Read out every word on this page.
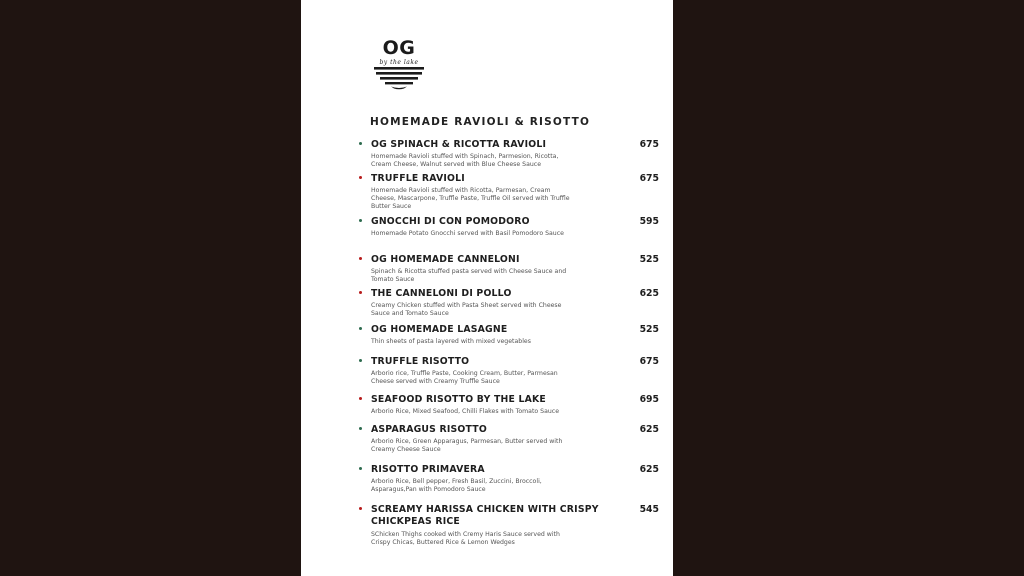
OG
by the lake
HOMEMADE RAVIOLI & RISOTTO
OG SPINACH & RICOTTA RAVIOLI	675
Homemade Ravioli stuffed with Spinach, Parmesion, Ricotta, Cream Cheese, Walnut served with Blue Cheese Sauce
TRUFFLE RAVIOLI	675
Homemade Ravioli stuffed with Ricotta, Parmesan, Cream Cheese, Mascarpone, Truffle Paste, Truffle Oil served with Truffle Butter Sauce
GNOCCHI DI CON POMODORO	595
Homemade Potato Gnocchi served with Basil Pomodoro Sauce
OG HOMEMADE CANNELONI	525
Spinach & Ricotta stuffed pasta served with Cheese Sauce and Tomato Sauce
THE CANNELONI DI POLLO	625
Creamy Chicken stuffed with Pasta Sheet served with Cheese Sauce and Tomato Sauce
OG HOMEMADE LASAGNE	525
Thin sheets of pasta layered with mixed vegetables
TRUFFLE RISOTTO	675
Arborio rice, Truffle Paste, Cooking Cream, Butter, Parmesan Cheese served with Creamy Truffle Sauce
SEAFOOD RISOTTO BY THE LAKE	695
Arborio Rice, Mixed Seafood, Chilli Flakes with Tomato Sauce
ASPARAGUS RISOTTO	625
Arborio Rice, Green Apparagus, Parmesan, Butter served with Creamy Cheese Sauce
RISOTTO PRIMAVERA	625
Arborio Rice, Bell pepper, Fresh Basil, Zuccini, Broccoli, Asparagus,Pan with Pomodoro Sauce
SCREAMY HARISSA CHICKEN WITH CRISPY CHICKPEAS RICE
545
SChicken Thighs cooked with Cremy Haris Sauce served with Crispy Chicas, Buttered Rice & Lemon Wedges
